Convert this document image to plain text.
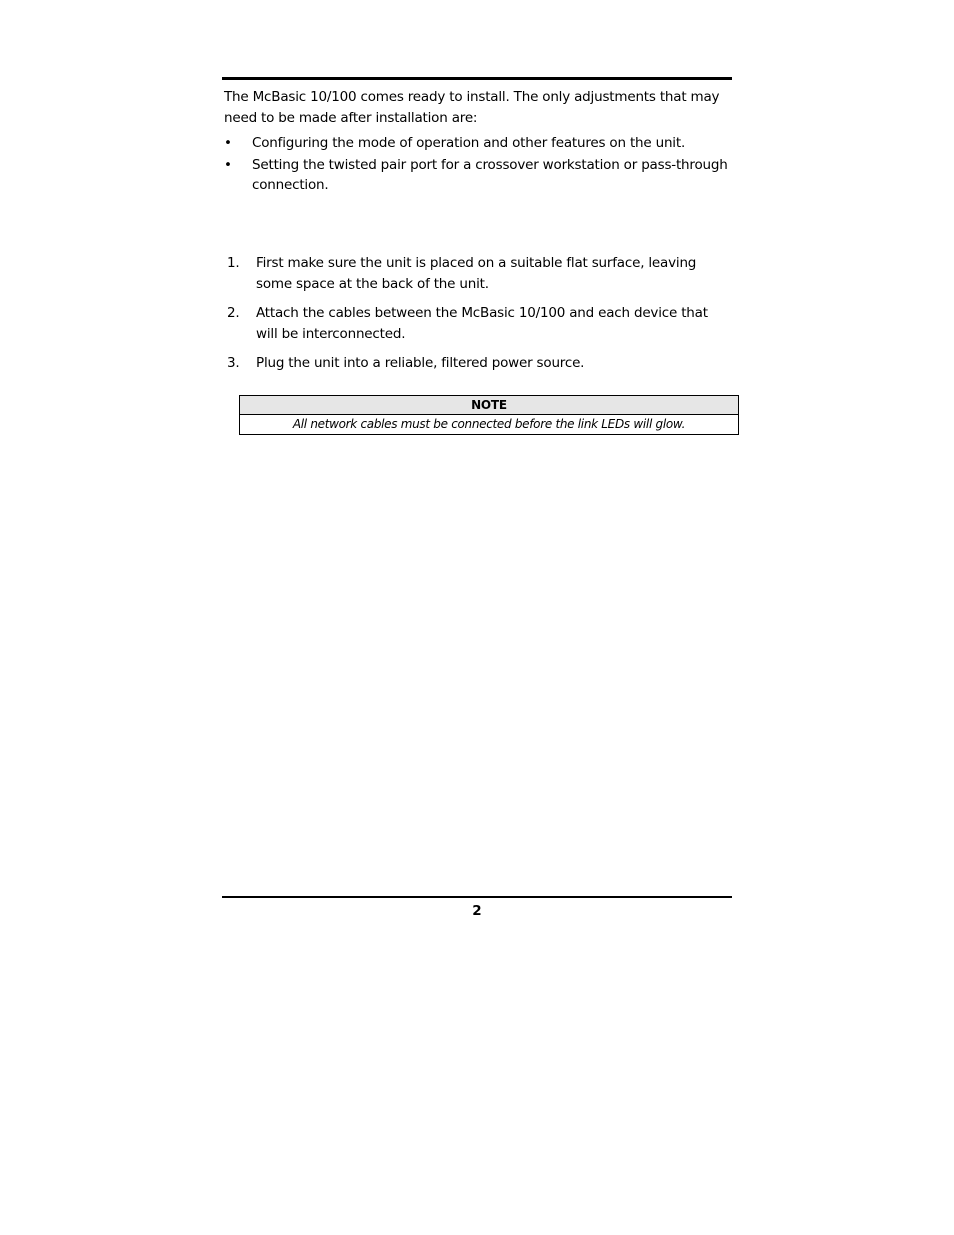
The McBasic 10/100 comes ready to install. The only adjustments that may need to be made after installation are:
•	Configuring the mode of operation and other features on the unit.
•	Setting the twisted pair port for a crossover workstation or pass-through connection.
1. First make sure the unit is placed on a suitable flat surface, leaving some space at the back of the unit.
2. Attach the cables between the McBasic 10/100 and each device that will be interconnected.
3. Plug the unit into a reliable, filtered power source.
NOTE
All network cables must be connected before the link LEDs will glow.
2
